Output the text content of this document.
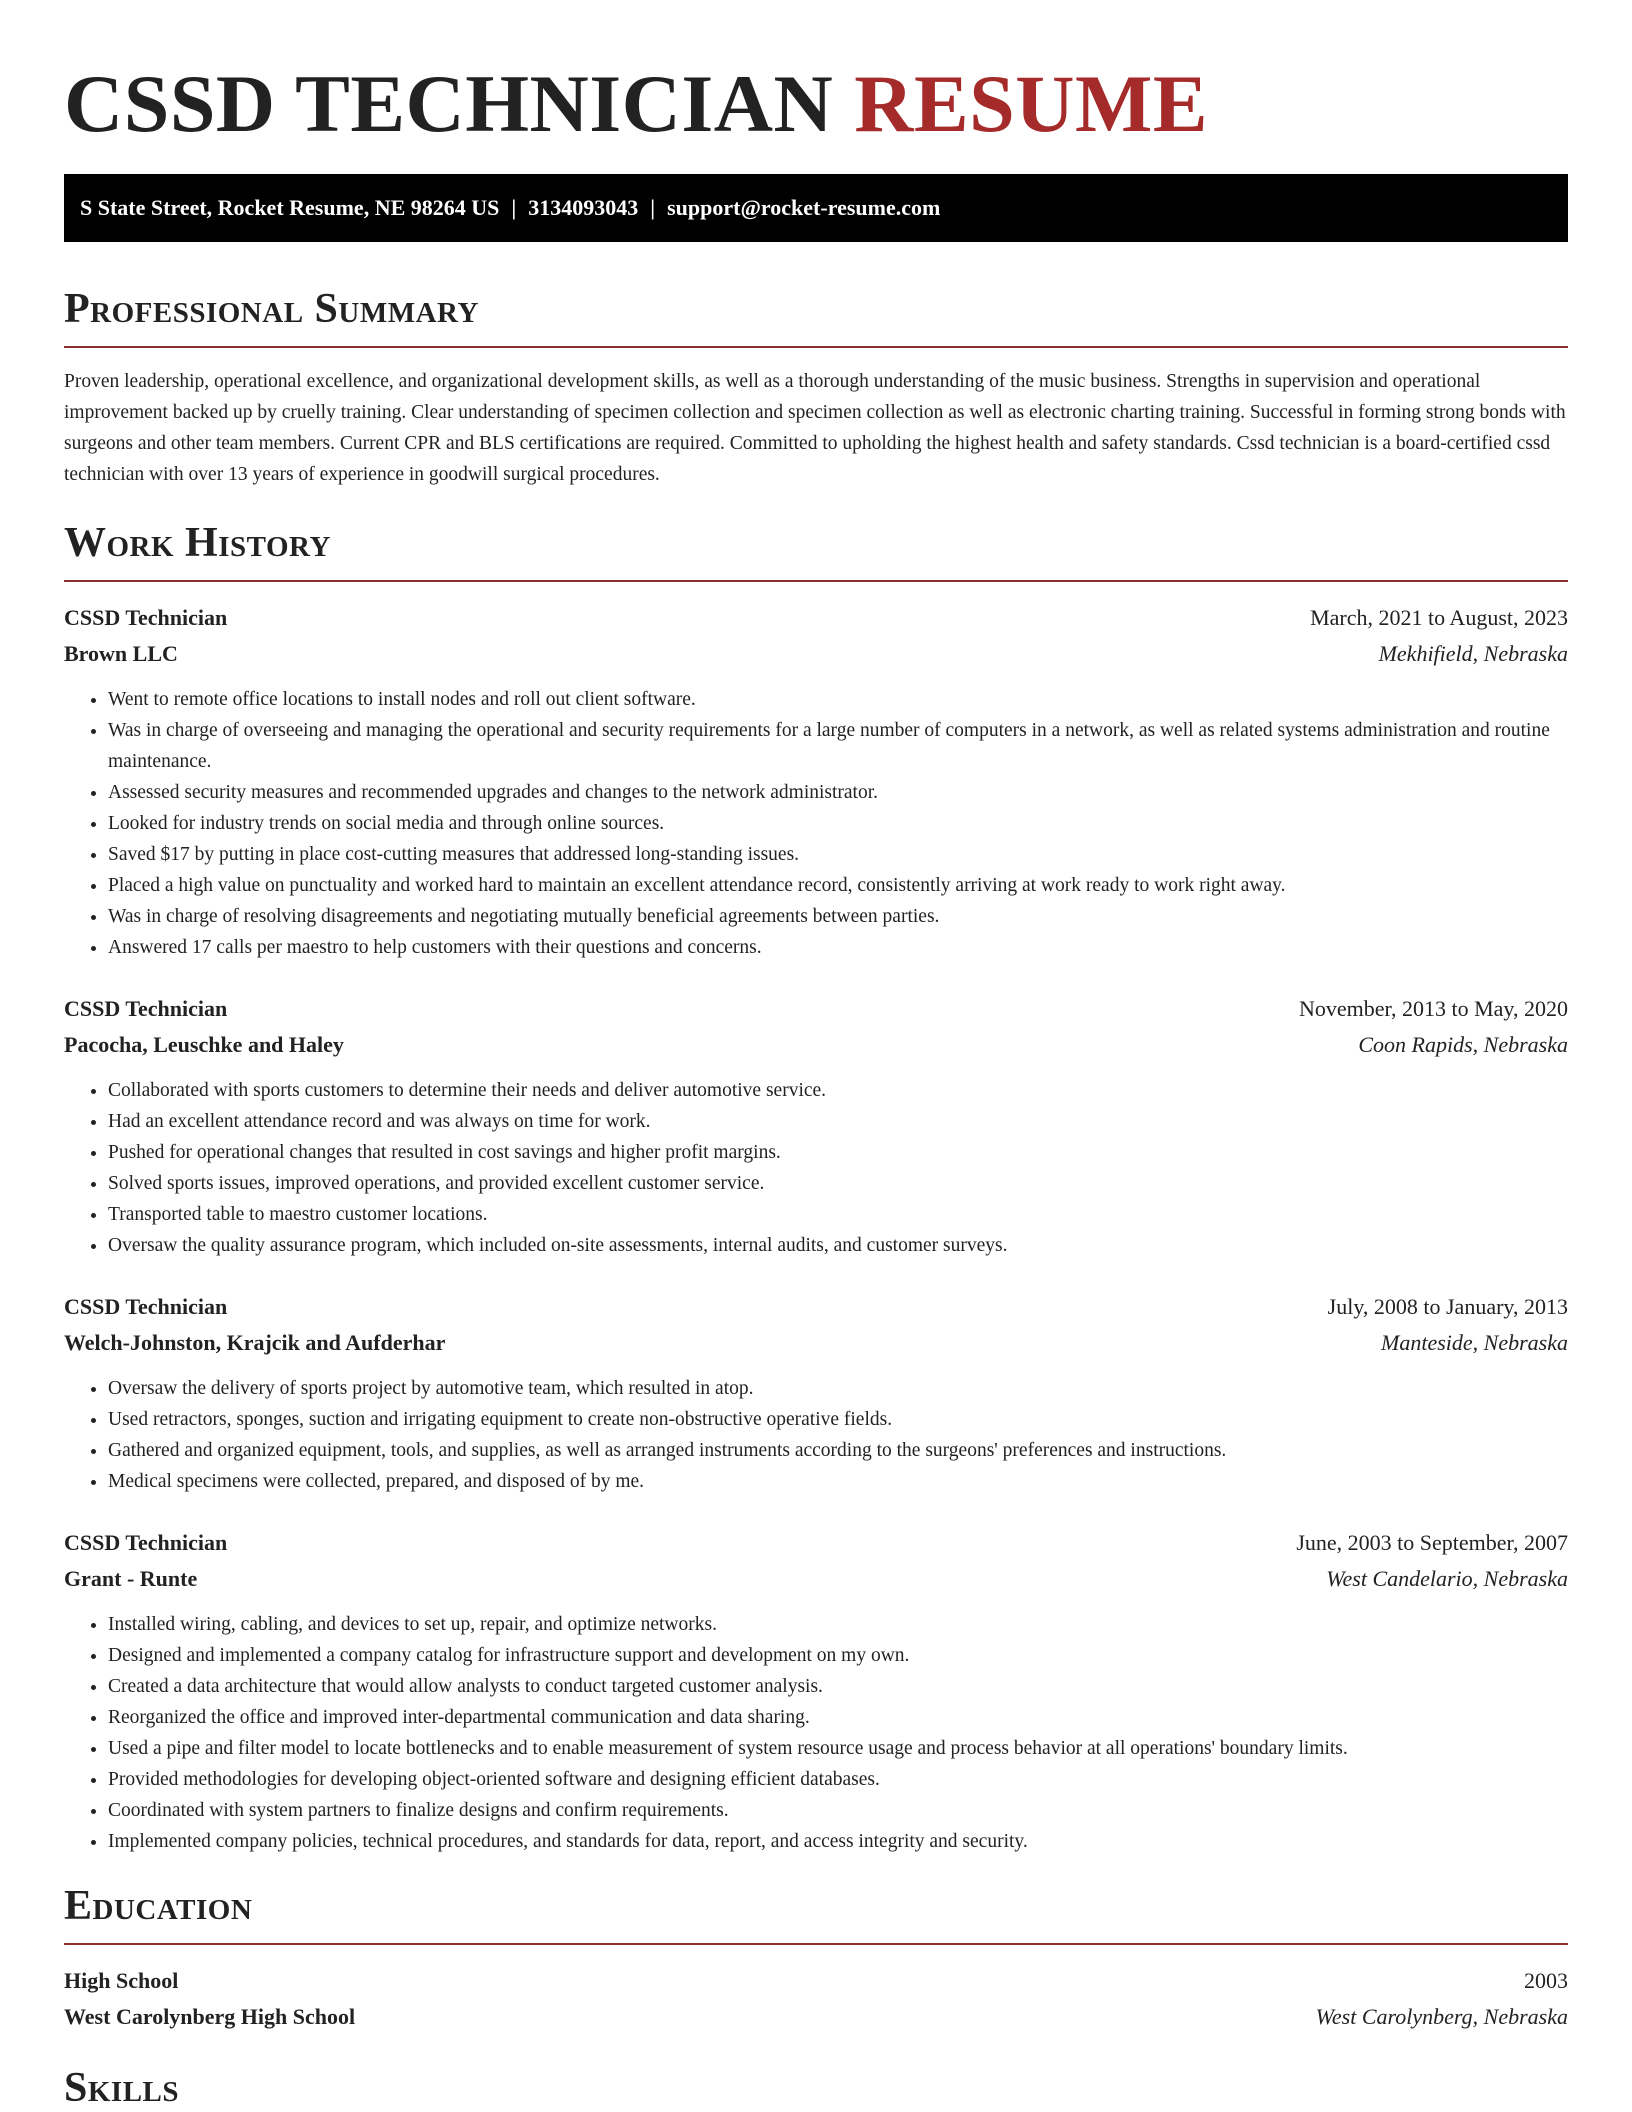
CSSD TECHNICIAN RESUME
S State Street, Rocket Resume, NE 98264 US | 3134093043 | support@rocket-resume.com
Professional Summary

Proven leadership, operational excellence, and organizational development skills, as well as a thorough understanding of the music business. Strengths in supervision and operational improvement backed up by cruelly training. Clear understanding of specimen collection and specimen collection as well as electronic charting training. Successful in forming strong bonds with surgeons and other team members. Current CPR and BLS certifications are required. Committed to upholding the highest health and safety standards. Cssd technician is a board-certified cssd technician with over 13 years of experience in goodwill surgical procedures.

Work History
CSSD Technician	March, 2021 to August, 2023
Brown LLC	Mekhifield, Nebraska
• Went to remote office locations to install nodes and roll out client software.
• Was in charge of overseeing and managing the operational and security requirements for a large number of computers in a network, as well as related systems administration and routine maintenance.
• Assessed security measures and recommended upgrades and changes to the network administrator.
• Looked for industry trends on social media and through online sources.
• Saved $17 by putting in place cost-cutting measures that addressed long-standing issues.
• Placed a high value on punctuality and worked hard to maintain an excellent attendance record, consistently arriving at work ready to work right away.
• Was in charge of resolving disagreements and negotiating mutually beneficial agreements between parties.
• Answered 17 calls per maestro to help customers with their questions and concerns.
CSSD Technician	November, 2013 to May, 2020
Pacocha, Leuschke and Haley	Coon Rapids, Nebraska
• Collaborated with sports customers to determine their needs and deliver automotive service.
• Had an excellent attendance record and was always on time for work.
• Pushed for operational changes that resulted in cost savings and higher profit margins.
• Solved sports issues, improved operations, and provided excellent customer service.
• Transported table to maestro customer locations.
• Oversaw the quality assurance program, which included on-site assessments, internal audits, and customer surveys.
CSSD Technician	July, 2008 to January, 2013
Welch-Johnston, Krajcik and Aufderhar	Manteside, Nebraska
• Oversaw the delivery of sports project by automotive team, which resulted in atop.
• Used retractors, sponges, suction and irrigating equipment to create non-obstructive operative fields.
• Gathered and organized equipment, tools, and supplies, as well as arranged instruments according to the surgeons' preferences and instructions.
• Medical specimens were collected, prepared, and disposed of by me.
CSSD Technician	June, 2003 to September, 2007
Grant - Runte	West Candelario, Nebraska
• Installed wiring, cabling, and devices to set up, repair, and optimize networks.
• Designed and implemented a company catalog for infrastructure support and development on my own.
• Created a data architecture that would allow analysts to conduct targeted customer analysis.
• Reorganized the office and improved inter-departmental communication and data sharing.
• Used a pipe and filter model to locate bottlenecks and to enable measurement of system resource usage and process behavior at all operations' boundary limits.
• Provided methodologies for developing object-oriented software and designing efficient databases.
• Coordinated with system partners to finalize designs and confirm requirements.
• Implemented company policies, technical procedures, and standards for data, report, and access integrity and security.
Education
High School	2003
West Carolynberg High School	West Carolynberg, Nebraska
Skills
